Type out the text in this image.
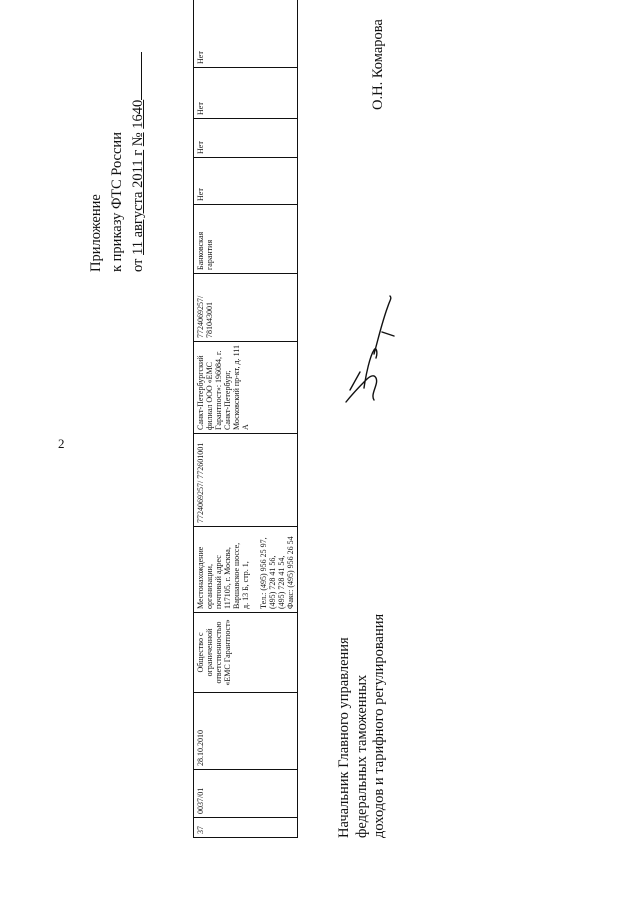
2
Приложение к приказу ФТС России от 11 августа 2011 г № 1640
37	0037/01	28.10.2010	Общество с ограниченной ответственностью «ЕМС Гарантпост»	Местонахождение организации,
почтовый адрес
117105, г. Москва,
Варшавское шоссе,
д. 13 Б, стр. 1, Тел.: (495) 956 25 97,
(495) 728 41 56,
(495) 728 41 54,
Факс: (495) 956 26 54	7724069257/ 772601001	Санкт-Петербургский филиал ООО «ЕМС Гарантпост»: 196084, г. Санкт-Петербург, Московский пр-кт, д. 111 А	7724069257/ 781043001	Банковская гарантия	Нет	Нет	Нет	Нет
Начальник Главного управления федеральных таможенных доходов и тарифного регулирования
О.Н. Комарова
